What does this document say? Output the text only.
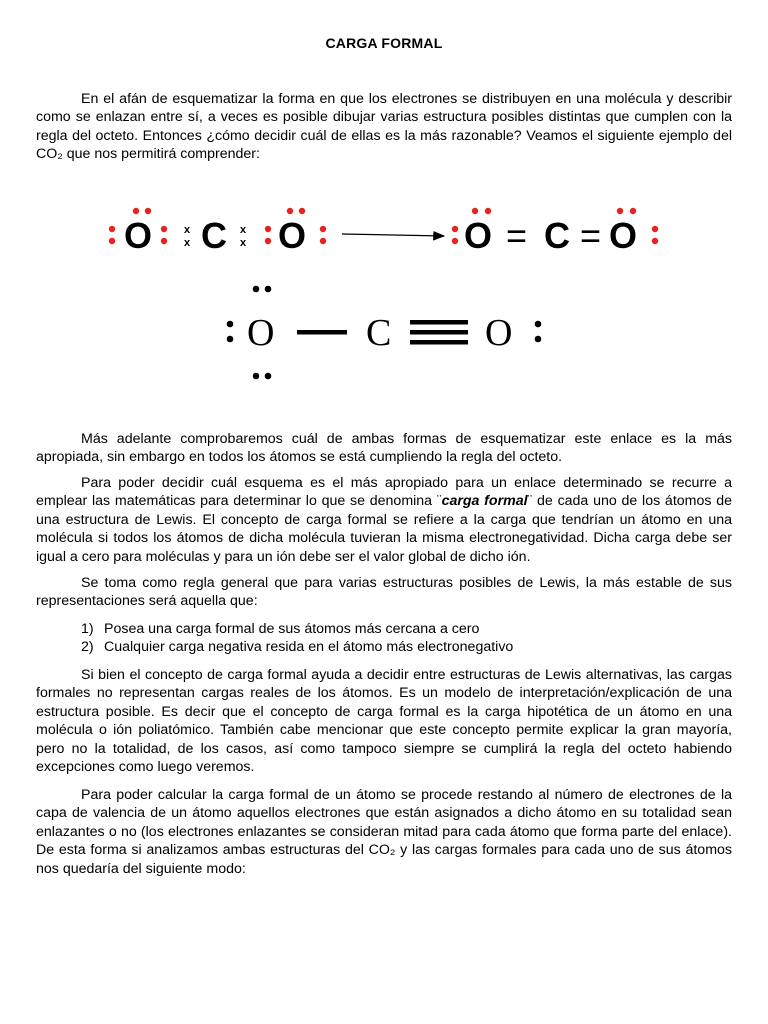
CARGA FORMAL

En el afán de esquematizar la forma en que los electrones se distribuyen en una molécula y describir como se enlazan entre sí, a veces es posible dibujar varias estructura posibles distintas que cumplen con la regla del octeto. Entonces ¿cómo decidir cuál de ellas es la más razonable? Veamos el siguiente ejemplo del CO₂ que nos permitirá comprender:

O	x
x C x
x O	O = C = O
O C O

Más adelante comprobaremos cuál de ambas formas de esquematizar este enlace es la más apropiada, sin embargo en todos los átomos se está cumpliendo la regla del octeto.

Para poder decidir cuál esquema es el más apropiado para un enlace determinado se recurre a emplear las matemáticas para determinar lo que se denomina ¨carga formal¨ de cada uno de los átomos de una estructura de Lewis. El concepto de carga formal se refiere a la carga que tendrían un átomo en una molécula si todos los átomos de dicha molécula tuvieran la misma electronegatividad. Dicha carga debe ser igual a cero para moléculas y para un ión debe ser el valor global de dicho ión.

Se toma como regla general que para varias estructuras posibles de Lewis, la más estable de sus representaciones será aquella que:

1) Posea una carga formal de sus átomos más cercana a cero
2) Cualquier carga negativa resida en el átomo más electronegativo

Si bien el concepto de carga formal ayuda a decidir entre estructuras de Lewis alternativas, las cargas formales no representan cargas reales de los átomos. Es un modelo de interpretación/explicación de una estructura posible. Es decir que el concepto de carga formal es la carga hipotética de un átomo en una molécula o ión poliatómico. También cabe mencionar que este concepto permite explicar la gran mayoría, pero no la totalidad, de los casos, así como tampoco siempre se cumplirá la regla del octeto habiendo excepciones como luego veremos.

Para poder calcular la carga formal de un átomo se procede restando al número de electrones de la capa de valencia de un átomo aquellos electrones que están asignados a dicho átomo en su totalidad sean enlazantes o no (los electrones enlazantes se consideran mitad para cada átomo que forma parte del enlace). De esta forma si analizamos ambas estructuras del CO₂ y las cargas formales para cada uno de sus átomos nos quedaría del siguiente modo:
